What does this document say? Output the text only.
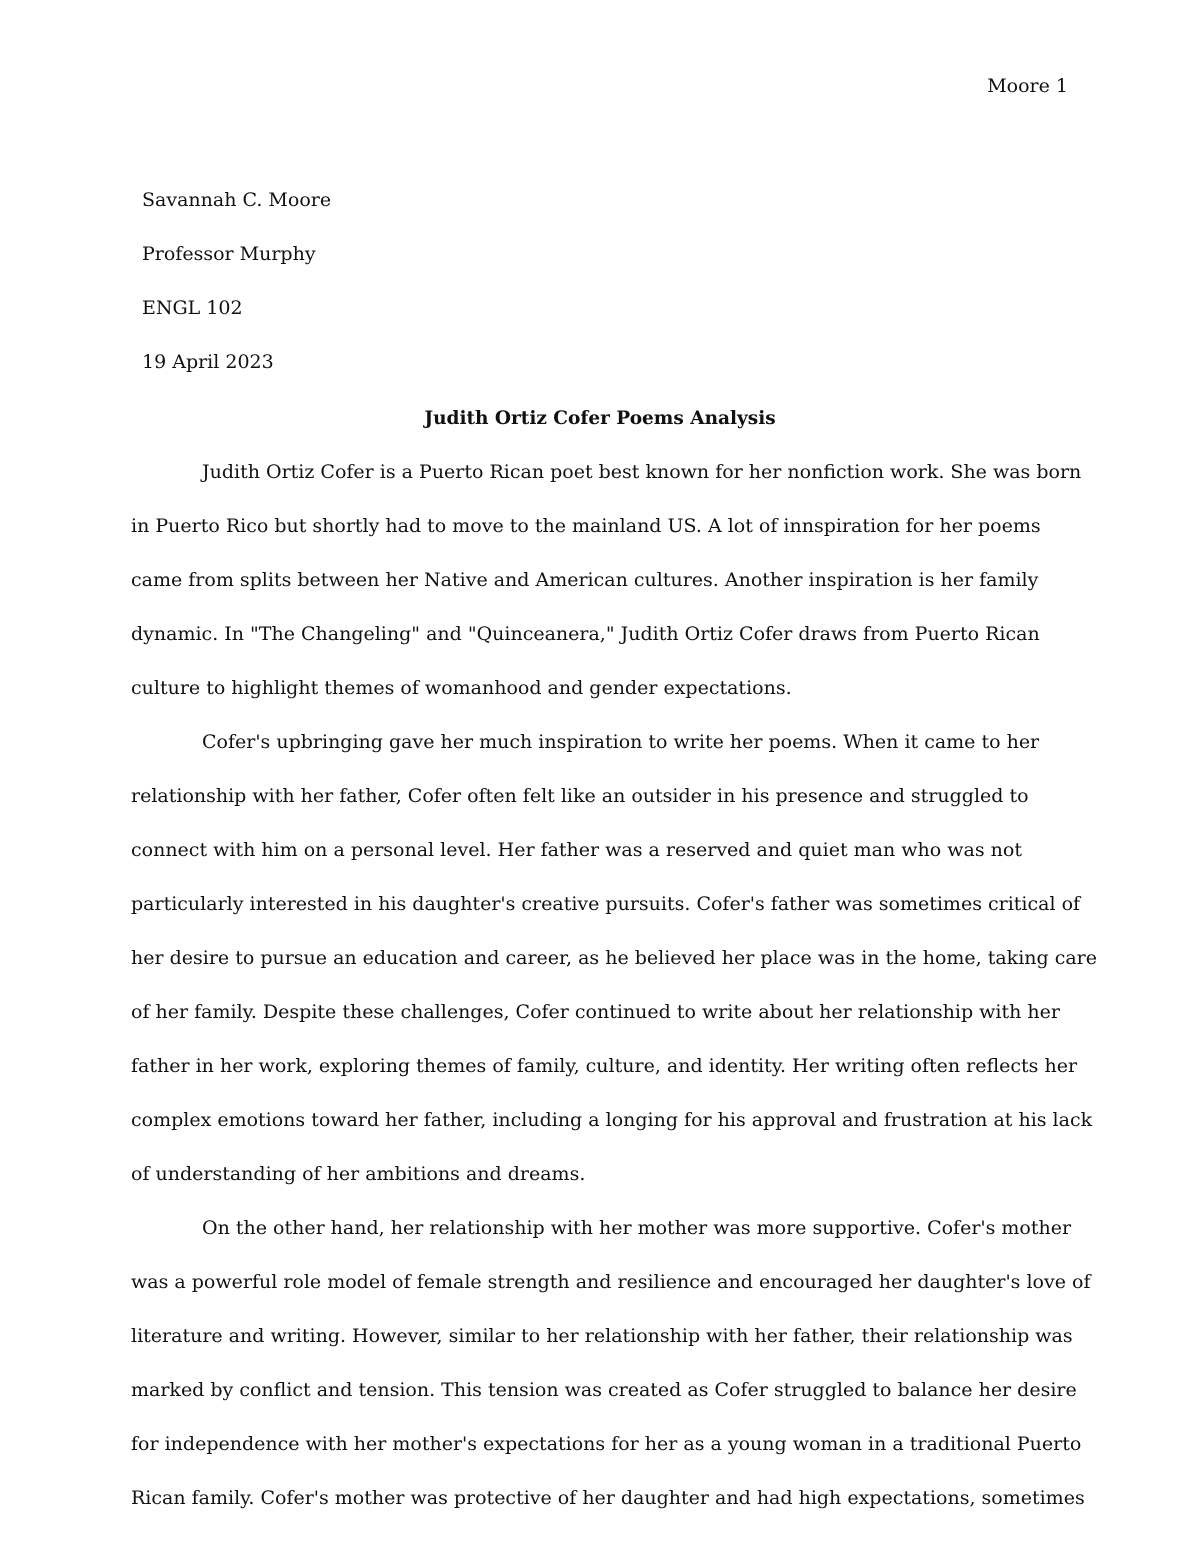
Moore 1
Savannah C. Moore
Professor Murphy
ENGL 102
19 April 2023
Judith Ortiz Cofer Poems Analysis
Judith Ortiz Cofer is a Puerto Rican poet best known for her nonfiction work. She was born
in Puerto Rico but shortly had to move to the mainland US. A lot of innspiration for her poems
came from splits between her Native and American cultures. Another inspiration is her family
dynamic. In "The Changeling" and "Quinceanera," Judith Ortiz Cofer draws from Puerto Rican
culture to highlight themes of womanhood and gender expectations.
Cofer's upbringing gave her much inspiration to write her poems. When it came to her
relationship with her father, Cofer often felt like an outsider in his presence and struggled to
connect with him on a personal level. Her father was a reserved and quiet man who was not
particularly interested in his daughter's creative pursuits. Cofer's father was sometimes critical of
her desire to pursue an education and career, as he believed her place was in the home, taking care
of her family. Despite these challenges, Cofer continued to write about her relationship with her
father in her work, exploring themes of family, culture, and identity. Her writing often reflects her
complex emotions toward her father, including a longing for his approval and frustration at his lack
of understanding of her ambitions and dreams.
On the other hand, her relationship with her mother was more supportive. Cofer's mother
was a powerful role model of female strength and resilience and encouraged her daughter's love of
literature and writing. However, similar to her relationship with her father, their relationship was
marked by conflict and tension. This tension was created as Cofer struggled to balance her desire
for independence with her mother's expectations for her as a young woman in a traditional Puerto
Rican family. Cofer's mother was protective of her daughter and had high expectations, sometimes
